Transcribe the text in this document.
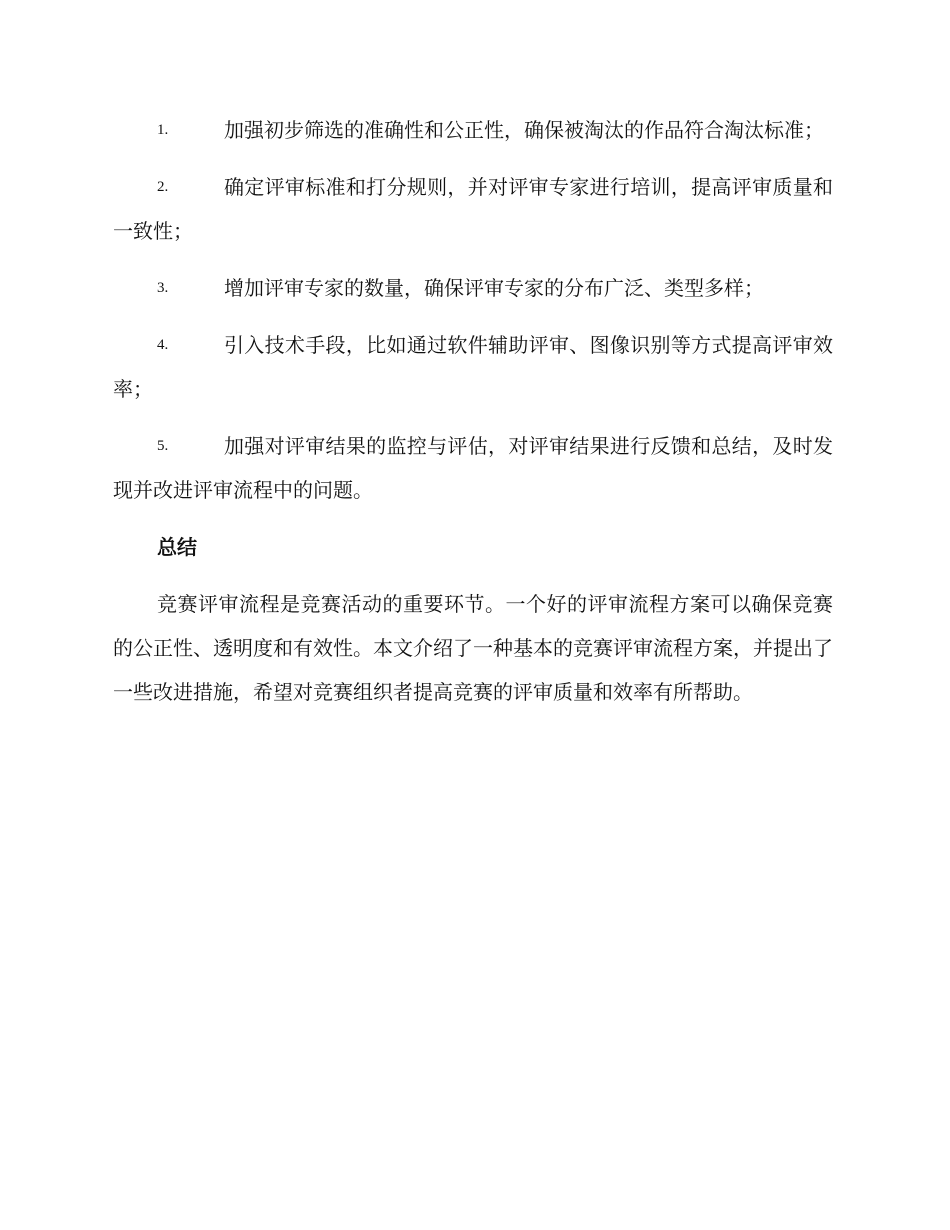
1.	加强初步筛选的准确性和公正性，确保被淘汰的作品符合淘汰标准；
2.	确定评审标准和打分规则，并对评审专家进行培训，提高评审质量和一致性；
3.	增加评审专家的数量，确保评审专家的分布广泛、类型多样；
4.	引入技术手段，比如通过软件辅助评审、图像识别等方式提高评审效率；
5.	加强对评审结果的监控与评估，对评审结果进行反馈和总结，及时发现并改进评审流程中的问题。
总结

竞赛评审流程是竞赛活动的重要环节。一个好的评审流程方案可以确保竞赛的公正性、透明度和有效性。本文介绍了一种基本的竞赛评审流程方案，并提出了一些改进措施，希望对竞赛组织者提高竞赛的评审质量和效率有所帮助。
